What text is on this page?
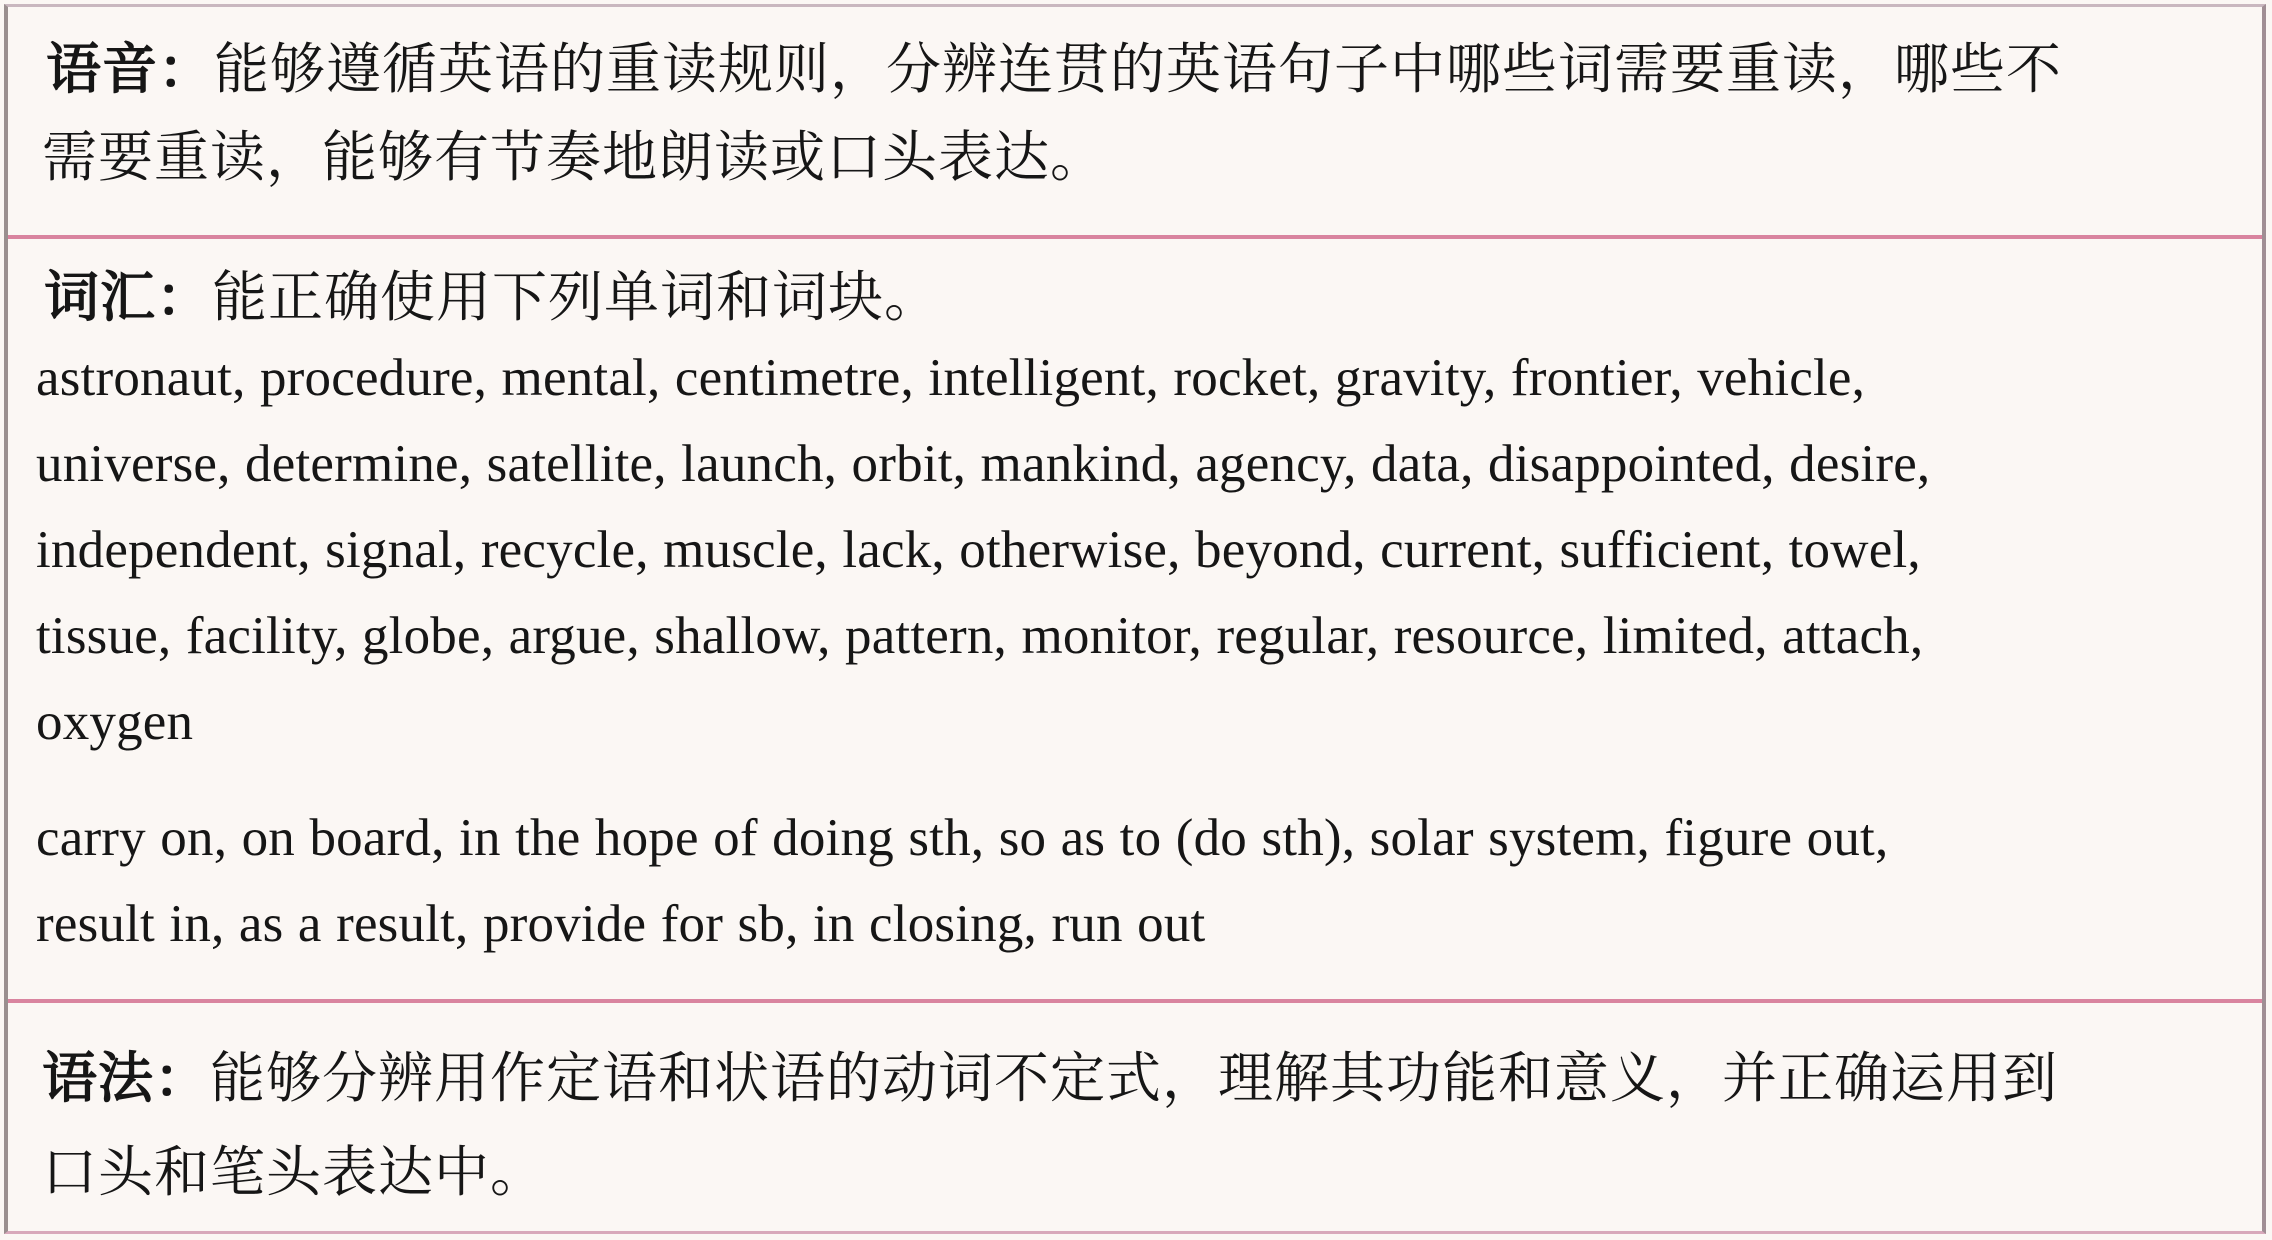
语音：能够遵循英语的重读规则，分辨连贯的英语句子中哪些词需要重读，哪些不
需要重读，能够有节奏地朗读或口头表达。

词汇：能正确使用下列单词和词块。

astronaut, procedure, mental, centimetre, intelligent, rocket, gravity, frontier, vehicle,
universe, determine, satellite, launch, orbit, mankind, agency, data, disappointed, desire,
independent, signal, recycle, muscle, lack, otherwise, beyond, current, sufficient, towel,
tissue, facility, globe, argue, shallow, pattern, monitor, regular, resource, limited, attach,
oxygen
carry on, on board, in the hope of doing sth, so as to (do sth), solar system, figure out,
result in, as a result, provide for sb, in closing, run out

语法：能够分辨用作定语和状语的动词不定式，理解其功能和意义，并正确运用到
口头和笔头表达中。
